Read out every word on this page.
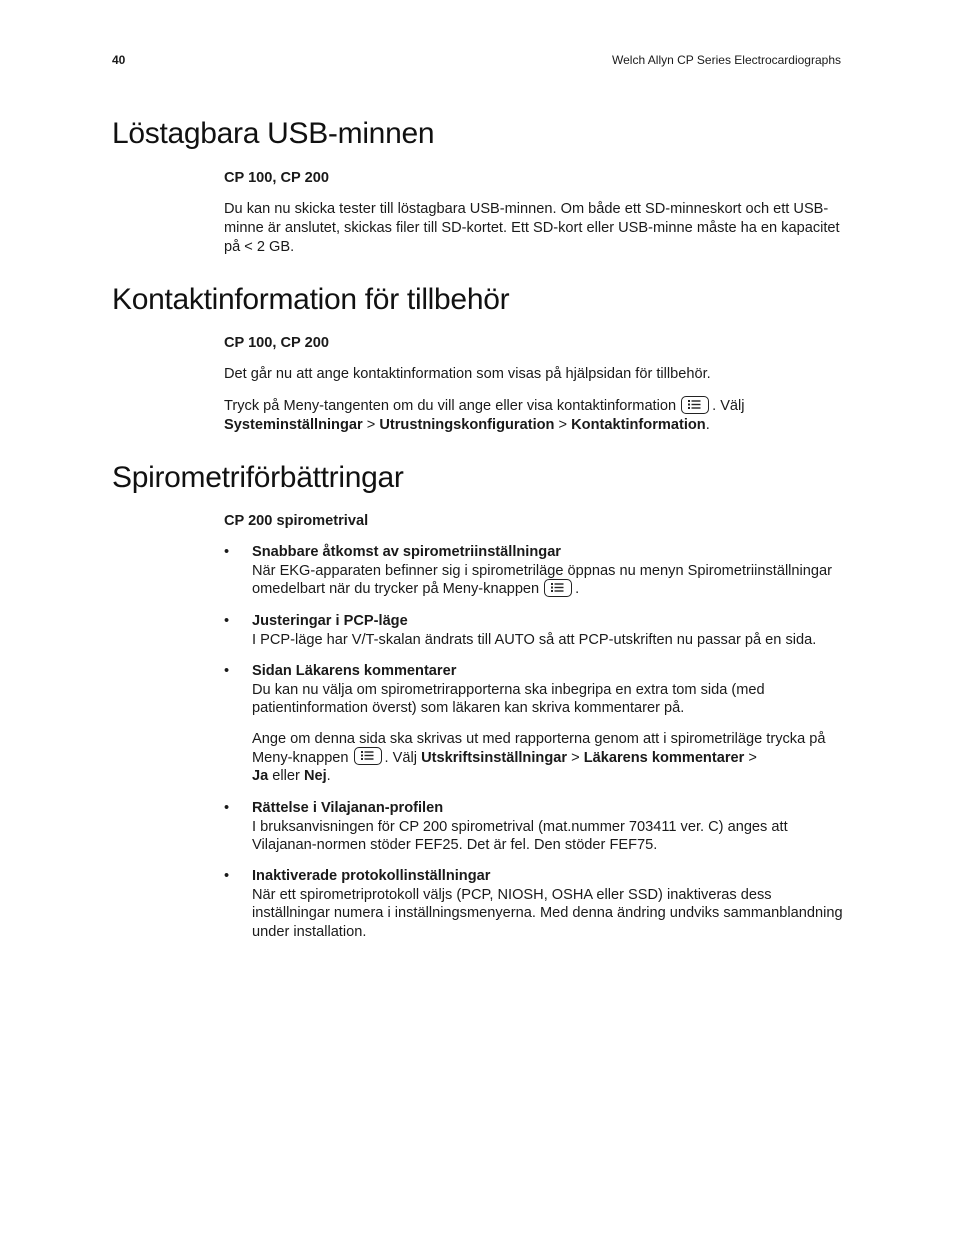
40	Welch Allyn CP Series Electrocardiographs
Löstagbara USB-minnen
CP 100, CP 200
Du kan nu skicka tester till löstagbara USB-minnen. Om både ett SD-minneskort och ett USB-minne är anslutet, skickas filer till SD-kortet. Ett SD-kort eller USB-minne måste ha en kapacitet på < 2 GB.
Kontaktinformation för tillbehör
CP 100, CP 200
Det går nu att ange kontaktinformation som visas på hjälpsidan för tillbehör.
Tryck på Meny-tangenten om du vill ange eller visa kontaktinformation . Välj
Systeminställningar > Utrustningskonfiguration > Kontaktinformation.
Spirometriförbättringar
CP 200 spirometrival
• Snabbare åtkomst av spirometriinställningar
När EKG-apparaten befinner sig i spirometriläge öppnas nu menyn Spirometriinställningar omedelbart när du trycker på Meny-knappen .
• Justeringar i PCP-läge
I PCP-läge har V/T-skalan ändrats till AUTO så att PCP-utskriften nu passar på en sida.
• Sidan Läkarens kommentarer
Du kan nu välja om spirometrirapporterna ska inbegripa en extra tom sida (med patientinformation överst) som läkaren kan skriva kommentarer på.
Ange om denna sida ska skrivas ut med rapporterna genom att i spirometriläge trycka på Meny-knappen . Välj Utskriftsinställningar > Läkarens kommentarer >
Ja eller Nej.
• Rättelse i Vilajanan-profilen
I bruksanvisningen för CP 200 spirometrival (mat.nummer 703411 ver. C) anges att Vilajanan-normen stöder FEF25. Det är fel. Den stöder FEF75.
• Inaktiverade protokollinställningar
När ett spirometriprotokoll väljs (PCP, NIOSH, OSHA eller SSD) inaktiveras dess inställningar numera i inställningsmenyerna. Med denna ändring undviks sammanblandning under installation.
